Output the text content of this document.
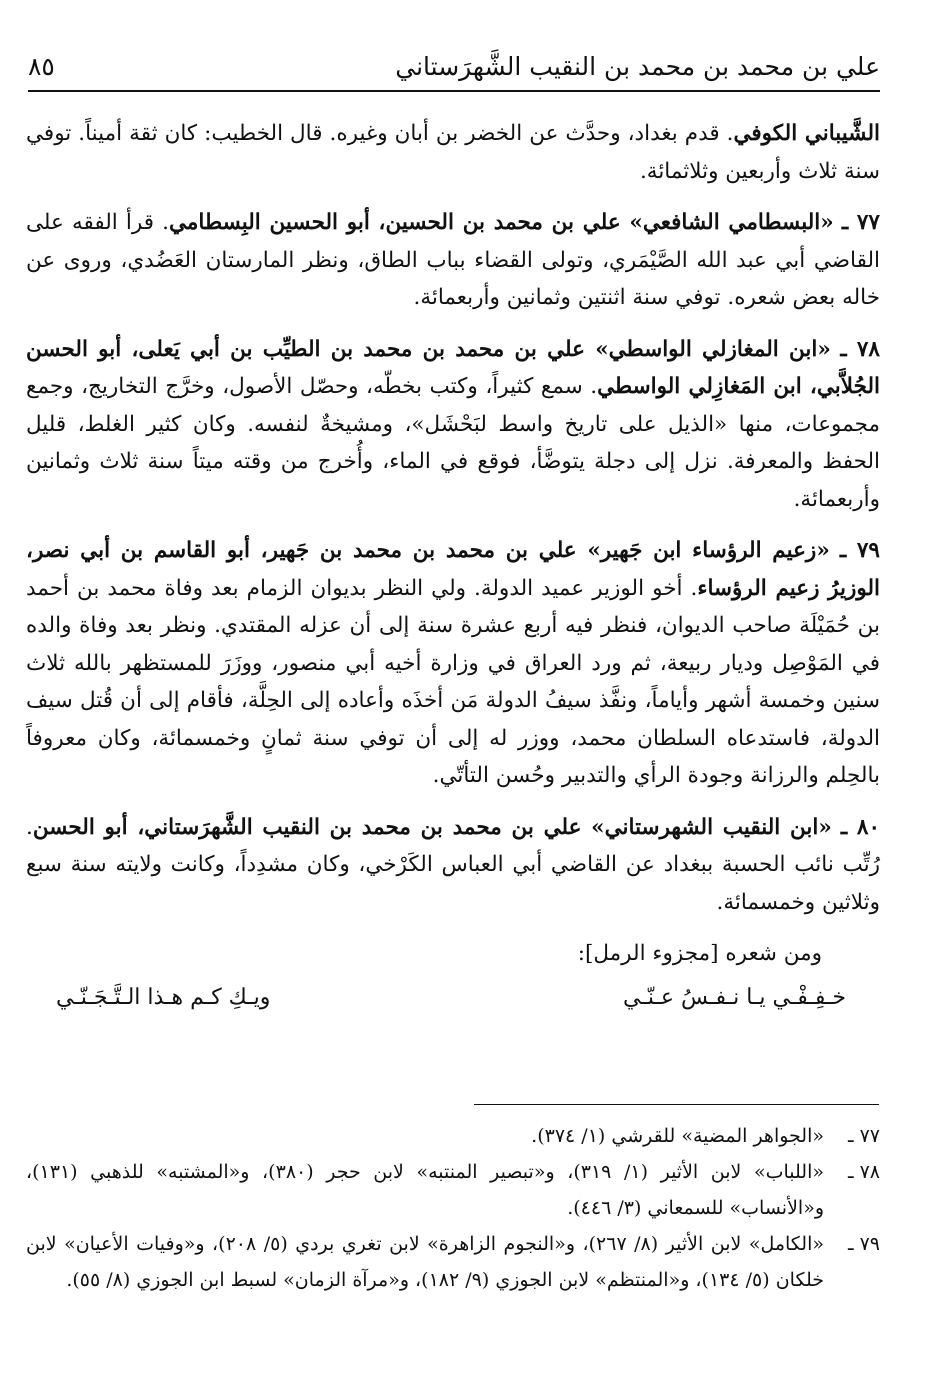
علي بن محمد بن محمد بن النقيب الشَّهرَستاني
٨٥

الشَّيباني الكوفي. قدم بغداد، وحدَّث عن الخضر بن أبان وغيره. قال الخطيب: كان ثقة أميناً. توفي سنة ثلاث وأربعين وثلاثمائة.

٧٧ ـ «البسطامي الشافعي» علي بن محمد بن الحسين، أبو الحسين البِسطامي. قرأ الفقه على القاضي أبي عبد الله الصَّيْمَري، وتولى القضاء بباب الطاق، ونظر المارستان العَضُدي، وروى عن خاله بعض شعره. توفي سنة اثنتين وثمانين وأربعمائة.

٧٨ ـ «ابن المغازلي الواسطي» علي بن محمد بن محمد بن الطيِّب بن أبي يَعلى، أبو الحسن الجُلاَّبي، ابن المَغازِلي الواسطي. سمع كثيراً، وكتب بخطّه، وحصّل الأصول، وخرَّج التخاريج، وجمع مجموعات، منها «الذيل على تاريخ واسط لبَحْشَل»، ومشيخةٌ لنفسه. وكان كثير الغلط، قليل الحفظ والمعرفة. نزل إلى دجلة يتوضَّأ، فوقع في الماء، وأُخرج من وقته ميتاً سنة ثلاث وثمانين وأربعمائة.

٧٩ ـ «زعيم الرؤساء ابن جَهير» علي بن محمد بن محمد بن جَهير، أبو القاسم بن أبي نصر، الوزيرُ زعيم الرؤساء. أخو الوزير عميد الدولة. ولي النظر بديوان الزمام بعد وفاة محمد بن أحمد بن حُمَيْلَة صاحب الديوان، فنظر فيه أربع عشرة سنة إلى أن عزله المقتدي. ونظر بعد وفاة والده في المَوْصِل وديار ربيعة، ثم ورد العراق في وزارة أخيه أبي منصور، ووزَرَ للمستظهر بالله ثلاث سنين وخمسة أشهر وأياماً، ونفَّذ سيفُ الدولة مَن أخذَه وأعاده إلى الحِلَّة، فأقام إلى أن قُتل سيف الدولة، فاستدعاه السلطان محمد، ووزر له إلى أن توفي سنة ثمانٍ وخمسمائة، وكان معروفاً بالحِلم والرزانة وجودة الرأي والتدبير وحُسن التأتّي.

٨٠ ـ «ابن النقيب الشهرستاني» علي بن محمد بن محمد بن النقيب الشَّهرَستاني، أبو الحسن. رُتِّب نائب الحسبة ببغداد عن القاضي أبي العباس الكَرْخي، وكان مشدِداً، وكانت ولايته سنة سبع وثلاثين وخمسمائة.

ومن شعره [مجزوء الرمل]:

خـفِـفْـي يـا نـفـسُ عـنّـي
ويـكِ كـم هـذا الـتَّـجَـنّـي
٧٧ ـ
«الجواهر المضية» للقرشي (١/ ٣٧٤).
٧٨ ـ
«اللباب» لابن الأثير (١/ ٣١٩)، و«تبصير المنتبه» لابن حجر (٣٨٠)، و«المشتبه» للذهبي (١٣١)، و«الأنساب» للسمعاني (٣/ ٤٤٦).
٧٩ ـ
«الكامل» لابن الأثير (٨/ ٢٦٧)، و«النجوم الزاهرة» لابن تغري بردي (٥/ ٢٠٨)، و«وفيات الأعيان» لابن خلكان (٥/ ١٣٤)، و«المنتظم» لابن الجوزي (٩/ ١٨٢)، و«مرآة الزمان» لسبط ابن الجوزي (٨/ ٥٥).
